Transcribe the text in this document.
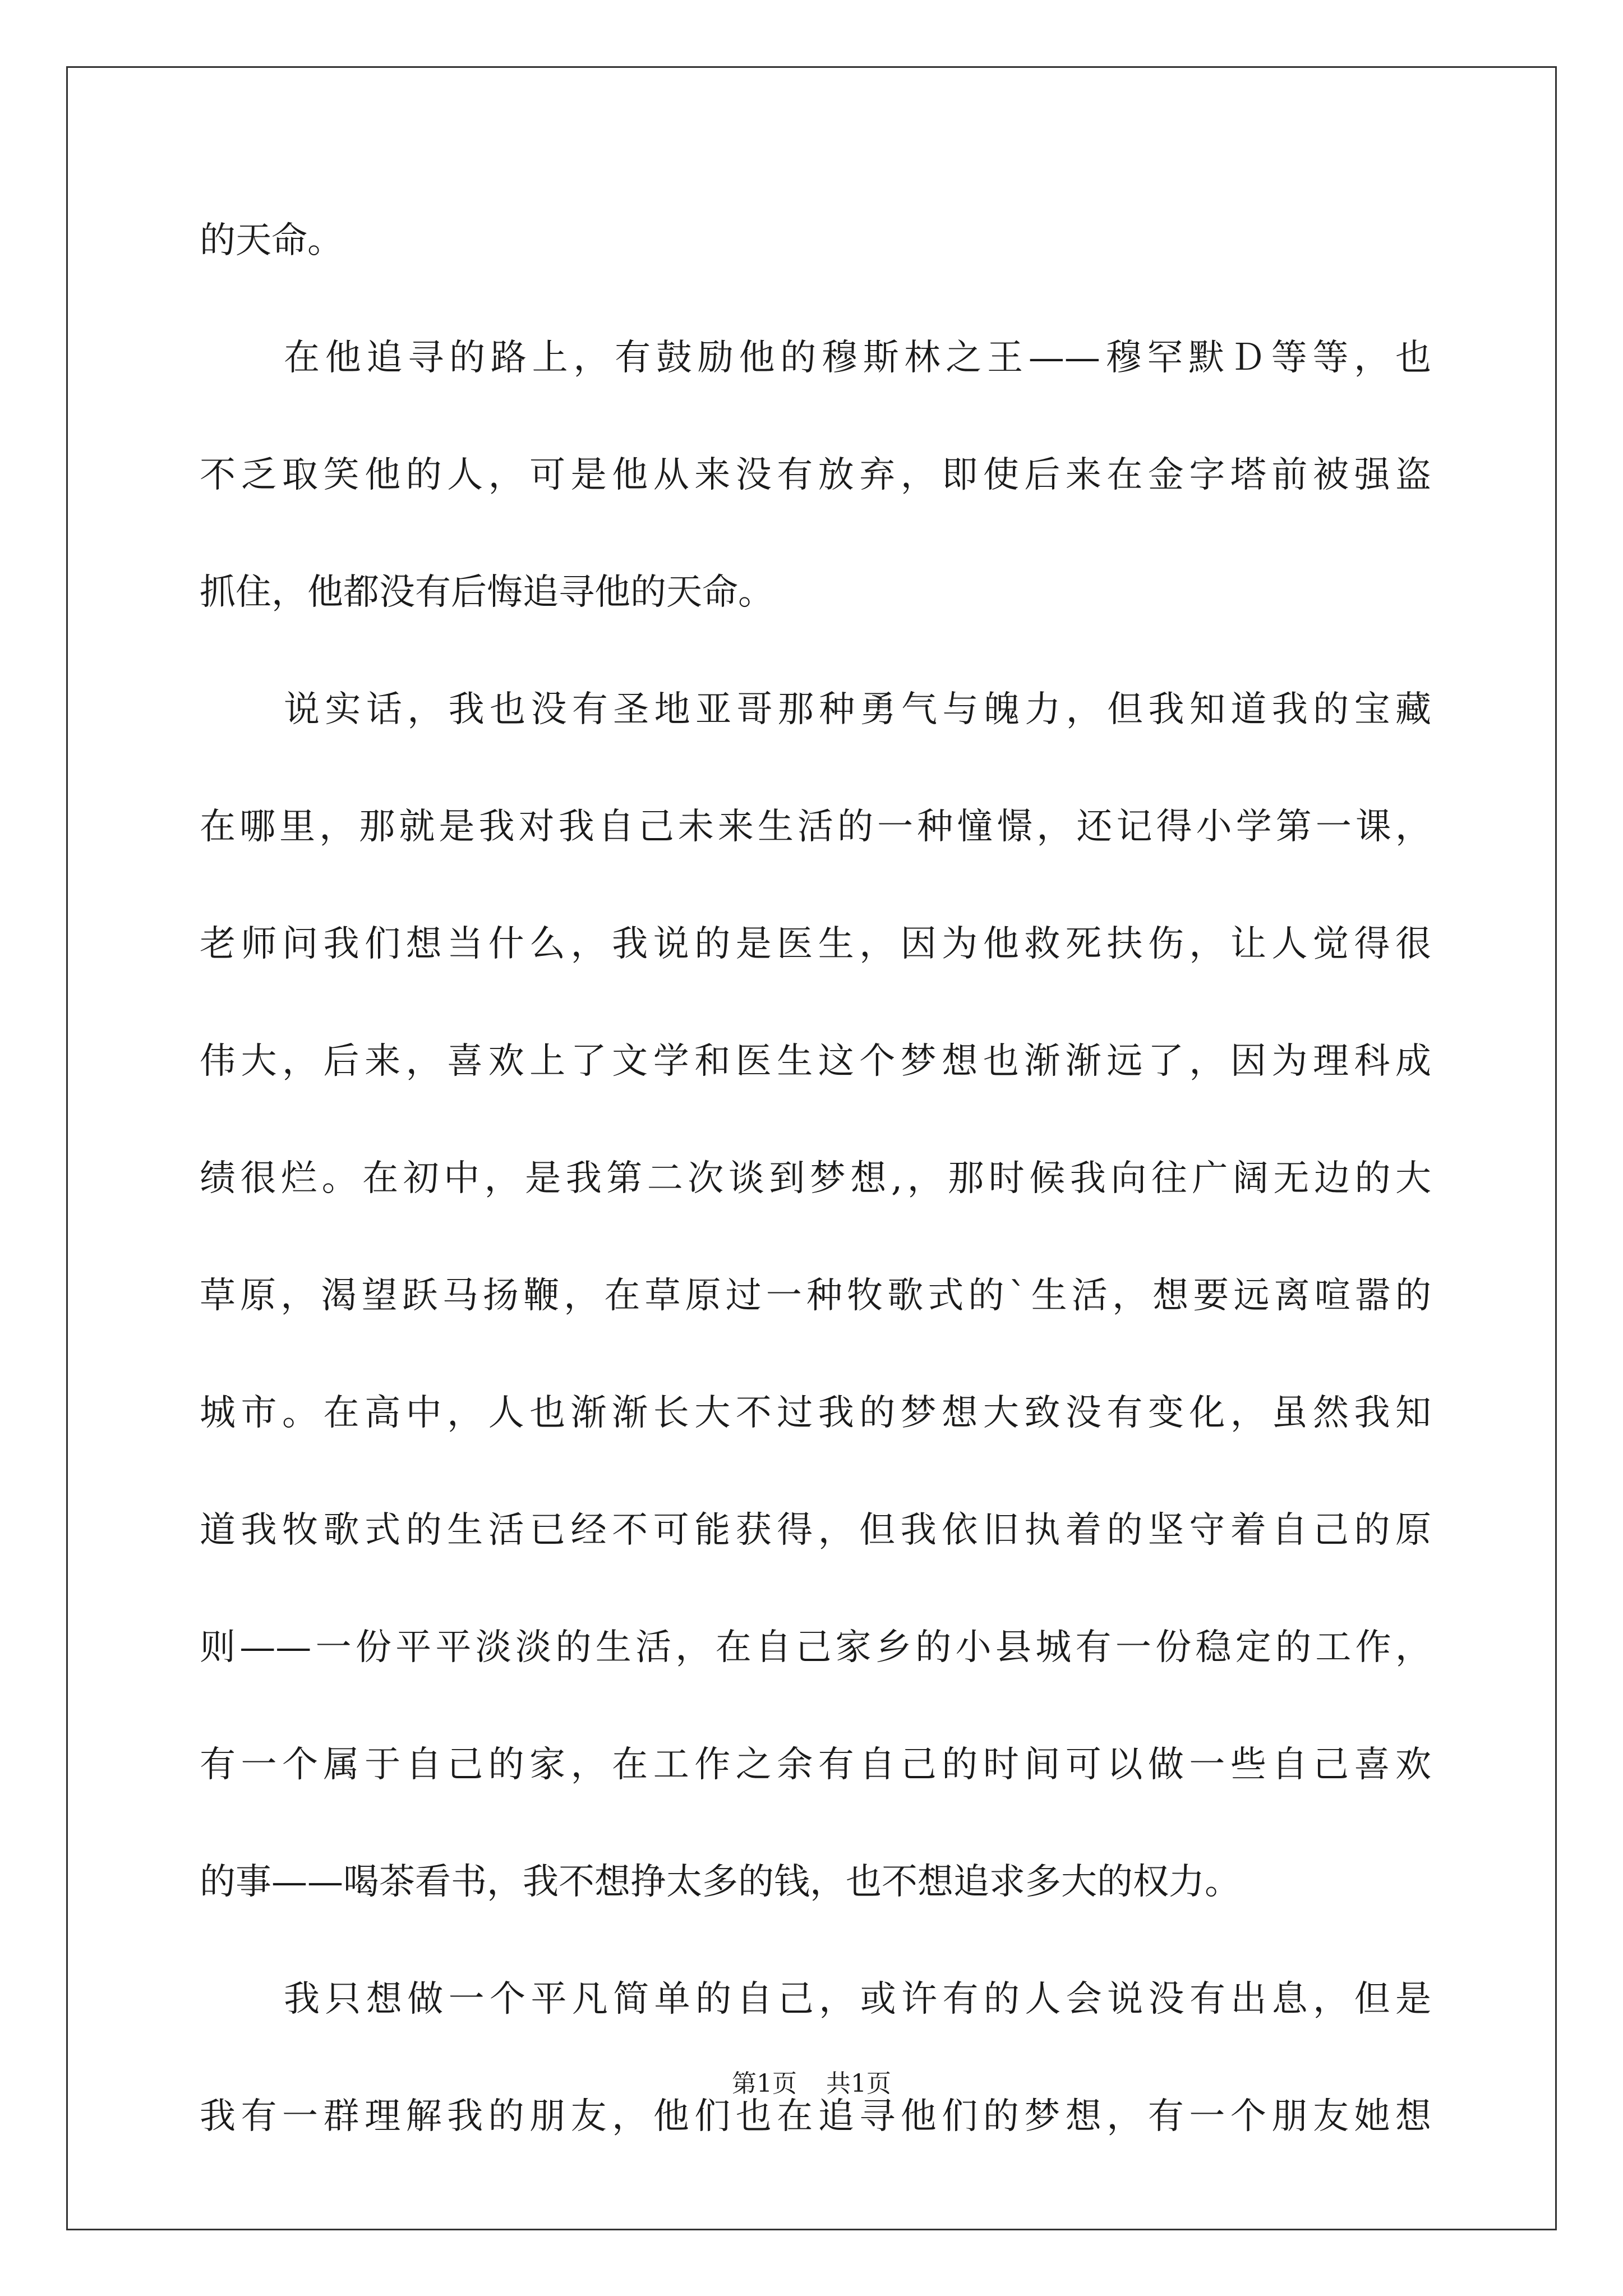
的天命。
在他追寻的路上，有鼓励他的穆斯林之王——穆罕默Ｄ等等，也
不乏取笑他的人，可是他从来没有放弃，即使后来在金字塔前被强盗
抓住，他都没有后悔追寻他的天命。
说实话，我也没有圣地亚哥那种勇气与魄力，但我知道我的宝藏
在哪里，那就是我对我自己未来生活的一种憧憬，还记得小学第一课，
老师问我们想当什么，我说的是医生，因为他救死扶伤，让人觉得很
伟大，后来，喜欢上了文学和医生这个梦想也渐渐远了，因为理科成
绩很烂。在初中，是我第二次谈到梦想,，那时候我向往广阔无边的大
草原，渴望跃马扬鞭，在草原过一种牧歌式的`生活，想要远离喧嚣的
城市。在高中，人也渐渐长大不过我的梦想大致没有变化，虽然我知
道我牧歌式的生活已经不可能获得，但我依旧执着的坚守着自己的原
则——一份平平淡淡的生活，在自己家乡的小县城有一份稳定的工作，
有一个属于自己的家，在工作之余有自己的时间可以做一些自己喜欢
的事——喝茶看书，我不想挣太多的钱，也不想追求多大的权力。
我只想做一个平凡简单的自己，或许有的人会说没有出息，但是
我有一群理解我的朋友，他们也在追寻他们的梦想，有一个朋友她想
第1页 共1页
